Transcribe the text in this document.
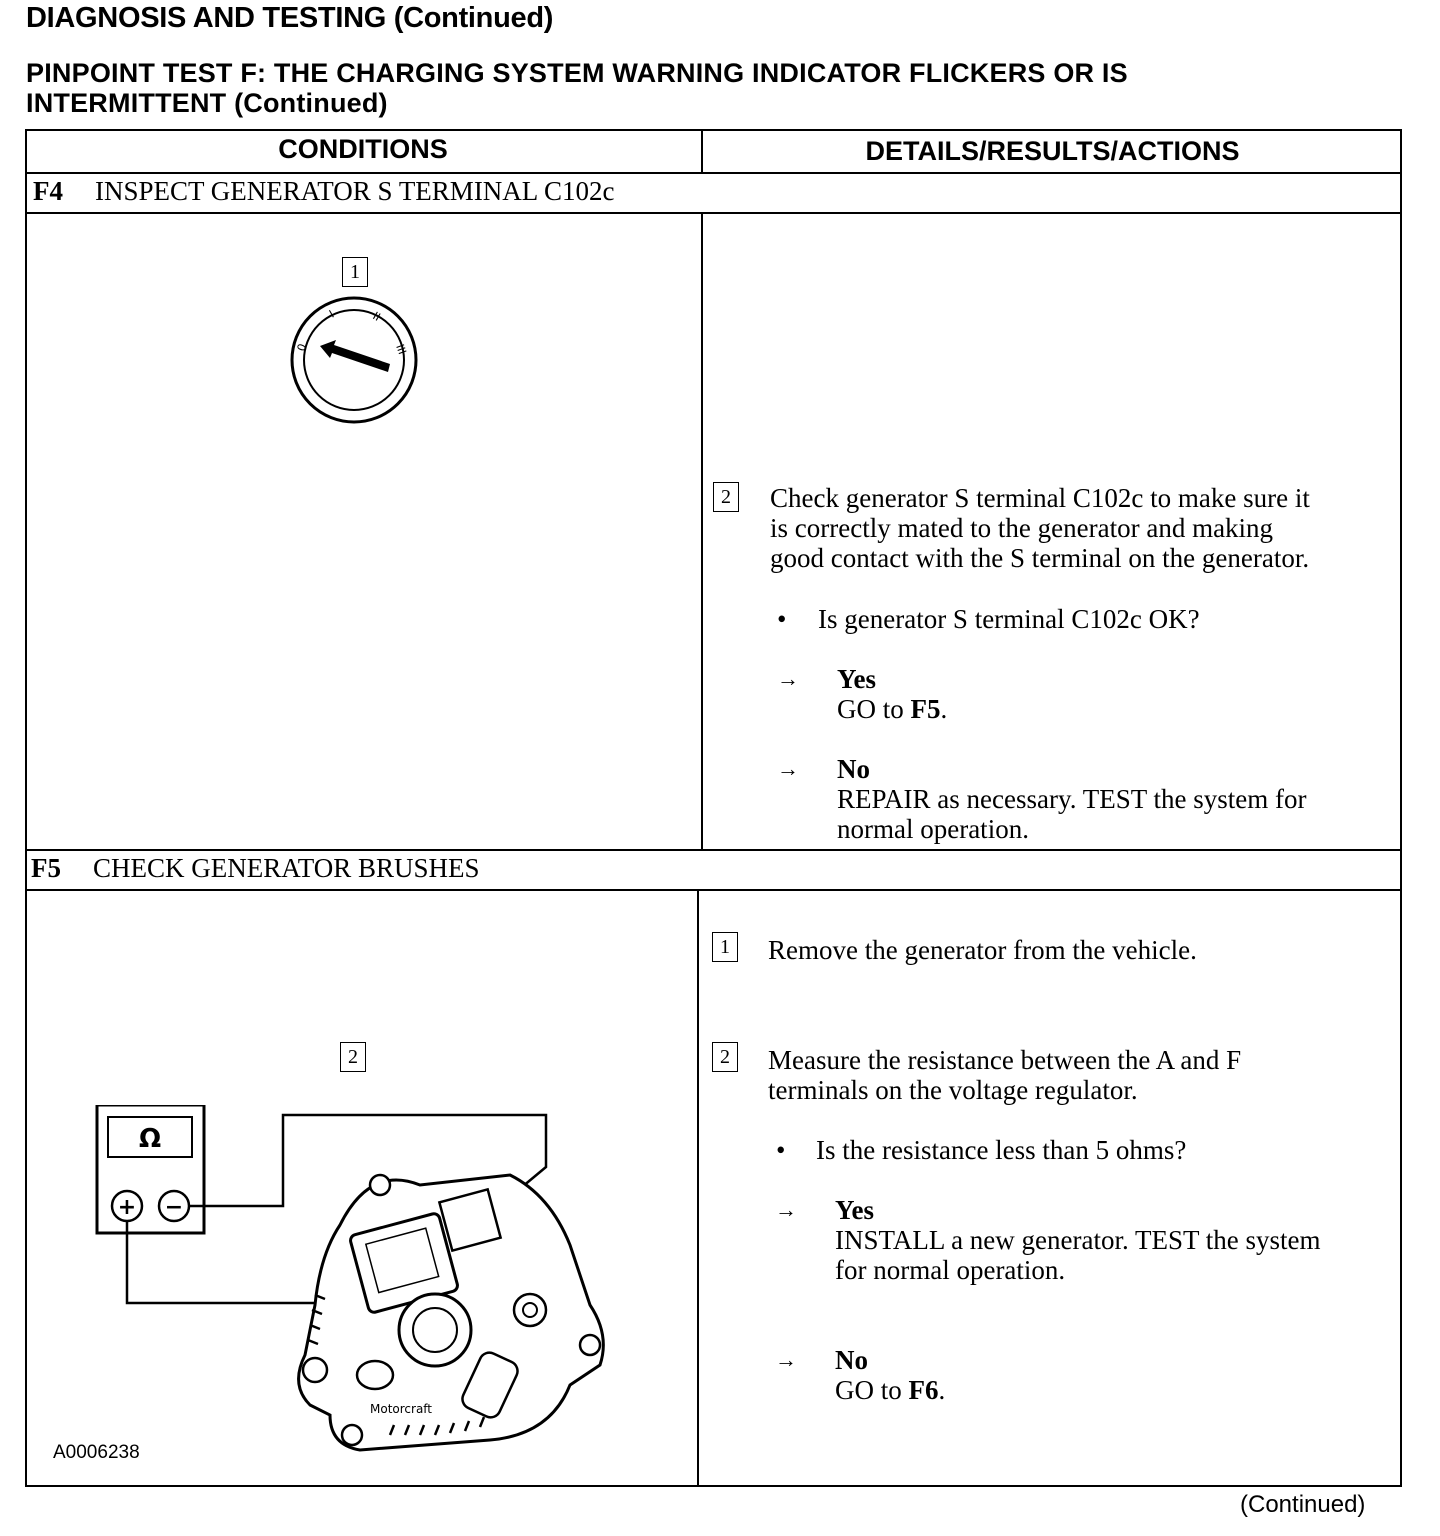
DIAGNOSIS AND TESTING (Continued)
PINPOINT TEST F: THE CHARGING SYSTEM WARNING INDICATOR FLICKERS OR IS
INTERMITTENT (Continued)
CONDITIONS	DETAILS/RESULTS/ACTIONS
F4 INSPECT GENERATOR S TERMINAL C102c
1
0
I	II
III
2 Check generator S terminal C102c to make sure it
is correctly mated to the generator and making
good contact with the S terminal on the generator.
• Is generator S terminal C102c OK?
→ Yes
GO to F5.
→ No
REPAIR as necessary. TEST the system for
normal operation.
F5 CHECK GENERATOR BRUSHES
2
Ω
+ −
Motorcraft
A0006238
1 Remove the generator from the vehicle.
2 Measure the resistance between the A and F
terminals on the voltage regulator.
• Is the resistance less than 5 ohms?
→ Yes
INSTALL a new generator. TEST the system
for normal operation.
→ No
GO to F6.
(Continued)
